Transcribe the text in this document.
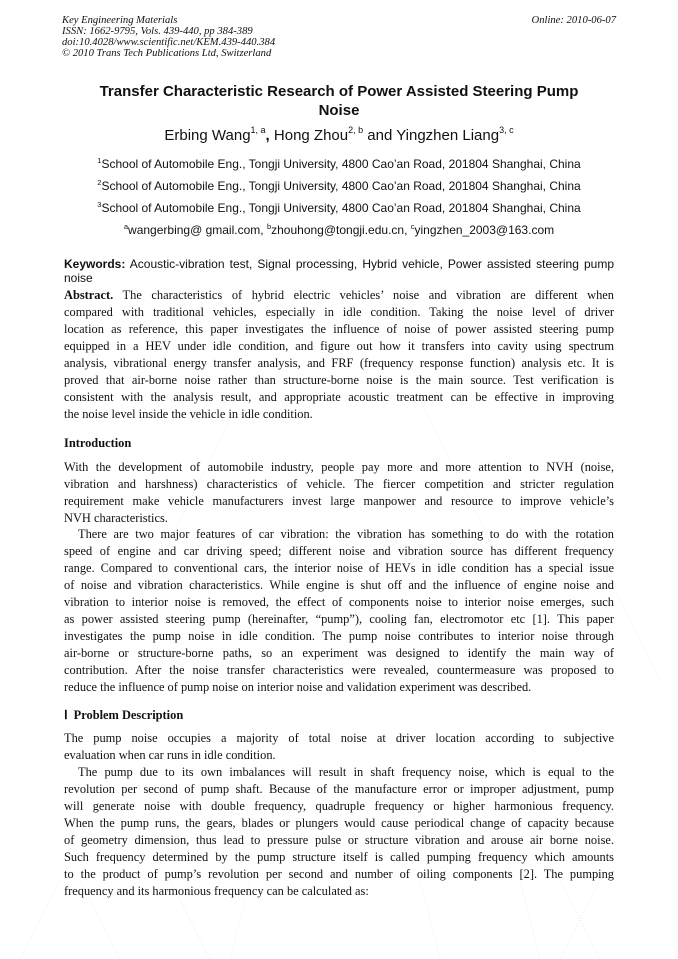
Key Engineering Materials
ISSN: 1662-9795, Vols. 439-440, pp 384-389
doi:10.4028/www.scientific.net/KEM.439-440.384
© 2010 Trans Tech Publications Ltd, Switzerland
Online: 2010-06-07
Transfer Characteristic Research of Power Assisted Steering Pump
Noise
Erbing Wang$^{1, a}$, Hong Zhou$^{2, b}$ and Yingzhen Liang$^{3, c}$
$^1$School of Automobile Eng., Tongji University, 4800 Cao’an Road, 201804 Shanghai, China
$^2$School of Automobile Eng., Tongji University, 4800 Cao’an Road, 201804 Shanghai, China
$^3$School of Automobile Eng., Tongji University, 4800 Cao’an Road, 201804 Shanghai, China
$^a$wangerbing@ gmail.com, $^b$zhouhong@tongji.edu.cn, $^c$yingzhen_2003@163.com
Keywords: Acoustic-vibration test, Signal processing, Hybrid vehicle, Power assisted steering pump noise
Abstract. The characteristics of hybrid electric vehicles’ noise and vibration are different when
compared with traditional vehicles, especially in idle condition. Taking the noise level of driver
location as reference, this paper investigates the influence of noise of power assisted steering pump
equipped in a HEV under idle condition, and figure out how it transfers into cavity using spectrum
analysis, vibrational energy transfer analysis, and FRF (frequency response function) analysis etc. It is
proved that air-borne noise rather than structure-borne noise is the main source. Test verification is
consistent with the analysis result, and appropriate acoustic treatment can be effective in improving
the noise level inside the vehicle in idle condition.
Introduction
With the development of automobile industry, people pay more and more attention to NVH (noise,
vibration and harshness) characteristics of vehicle. The fiercer competition and stricter regulation
requirement make vehicle manufacturers invest large manpower and resource to improve vehicle’s
NVH characteristics.
There are two major features of car vibration: the vibration has something to do with the rotation
speed of engine and car driving speed; different noise and vibration source has different frequency
range. Compared to conventional cars, the interior noise of HEVs in idle condition has a special issue
of noise and vibration characteristics. While engine is shut off and the influence of engine noise and
vibration to interior noise is removed, the effect of components noise to interior noise emerges, such
as power assisted steering pump (hereinafter, “pump”), cooling fan, electromotor etc [1]. This paper
investigates the pump noise in idle condition. The pump noise contributes to interior noise through
air-borne or structure-borne paths, so an experiment was designed to identify the main way of
contribution. After the noise transfer characteristics were revealed, countermeasure was proposed to
reduce the influence of pump noise on interior noise and validation experiment was described.
Ⅰ Problem Description
The pump noise occupies a majority of total noise at driver location according to subjective
evaluation when car runs in idle condition.
The pump due to its own imbalances will result in shaft frequency noise, which is equal to the
revolution per second of pump shaft. Because of the manufacture error or improper adjustment, pump
will generate noise with double frequency, quadruple frequency or higher harmonious frequency.
When the pump runs, the gears, blades or plungers would cause periodical change of capacity because
of geometry dimension, thus lead to pressure pulse or structure vibration and arouse air borne noise.
Such frequency determined by the pump structure itself is called pumping frequency which amounts
to the product of pump’s revolution per second and number of oiling components [2]. The pumping
frequency and its harmonious frequency can be calculated as:
